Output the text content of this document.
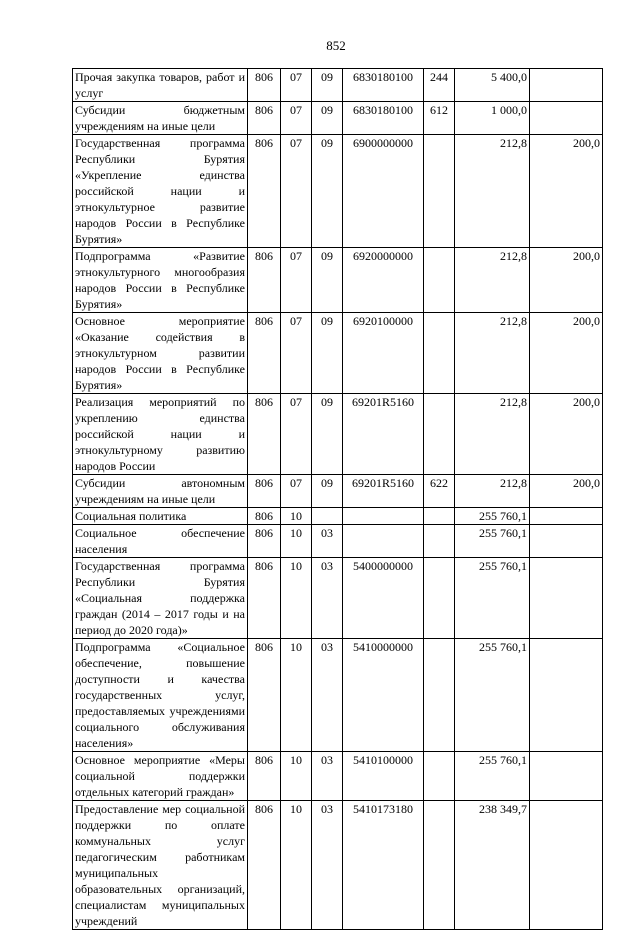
852
Прочая закупка товаров, работ и услуг	806	07	09	6830180100	244	5 400,0	
Субсидии бюджетным учреждениям на иные цели	806	07	09	6830180100	612	1 000,0	
Государственная программа Республики Бурятия «Укрепление единства российской нации и этнокультурное развитие народов России в Республике Бурятия»	806	07	09	6900000000		212,8	200,0
Подпрограмма «Развитие этнокультурного многообразия народов России в Республике Бурятия»	806	07	09	6920000000		212,8	200,0
Основное мероприятие «Оказание содействия в этнокультурном развитии народов России в Республике Бурятия»	806	07	09	6920100000		212,8	200,0
Реализация мероприятий по укреплению единства российской нации и этнокультурному развитию народов России	806	07	09	69201R5160		212,8	200,0
Субсидии автономным учреждениям на иные цели	806	07	09	69201R5160	622	212,8	200,0
Социальная политика	806	10				255 760,1	
Социальное обеспечение населения	806	10	03			255 760,1	
Государственная программа Республики Бурятия «Социальная поддержка граждан (2014 – 2017 годы и на период до 2020 года)»	806	10	03	5400000000		255 760,1	
Подпрограмма «Социальное обеспечение, повышение доступности и качества государственных услуг, предоставляемых учреждениями социального обслуживания населения»	806	10	03	5410000000		255 760,1	
Основное мероприятие «Меры социальной поддержки отдельных категорий граждан»	806	10	03	5410100000		255 760,1	
Предоставление мер социальной поддержки по оплате коммунальных услуг педагогическим работникам муниципальных образовательных организаций, специалистам муниципальных учреждений	806	10	03	5410173180		238 349,7	
